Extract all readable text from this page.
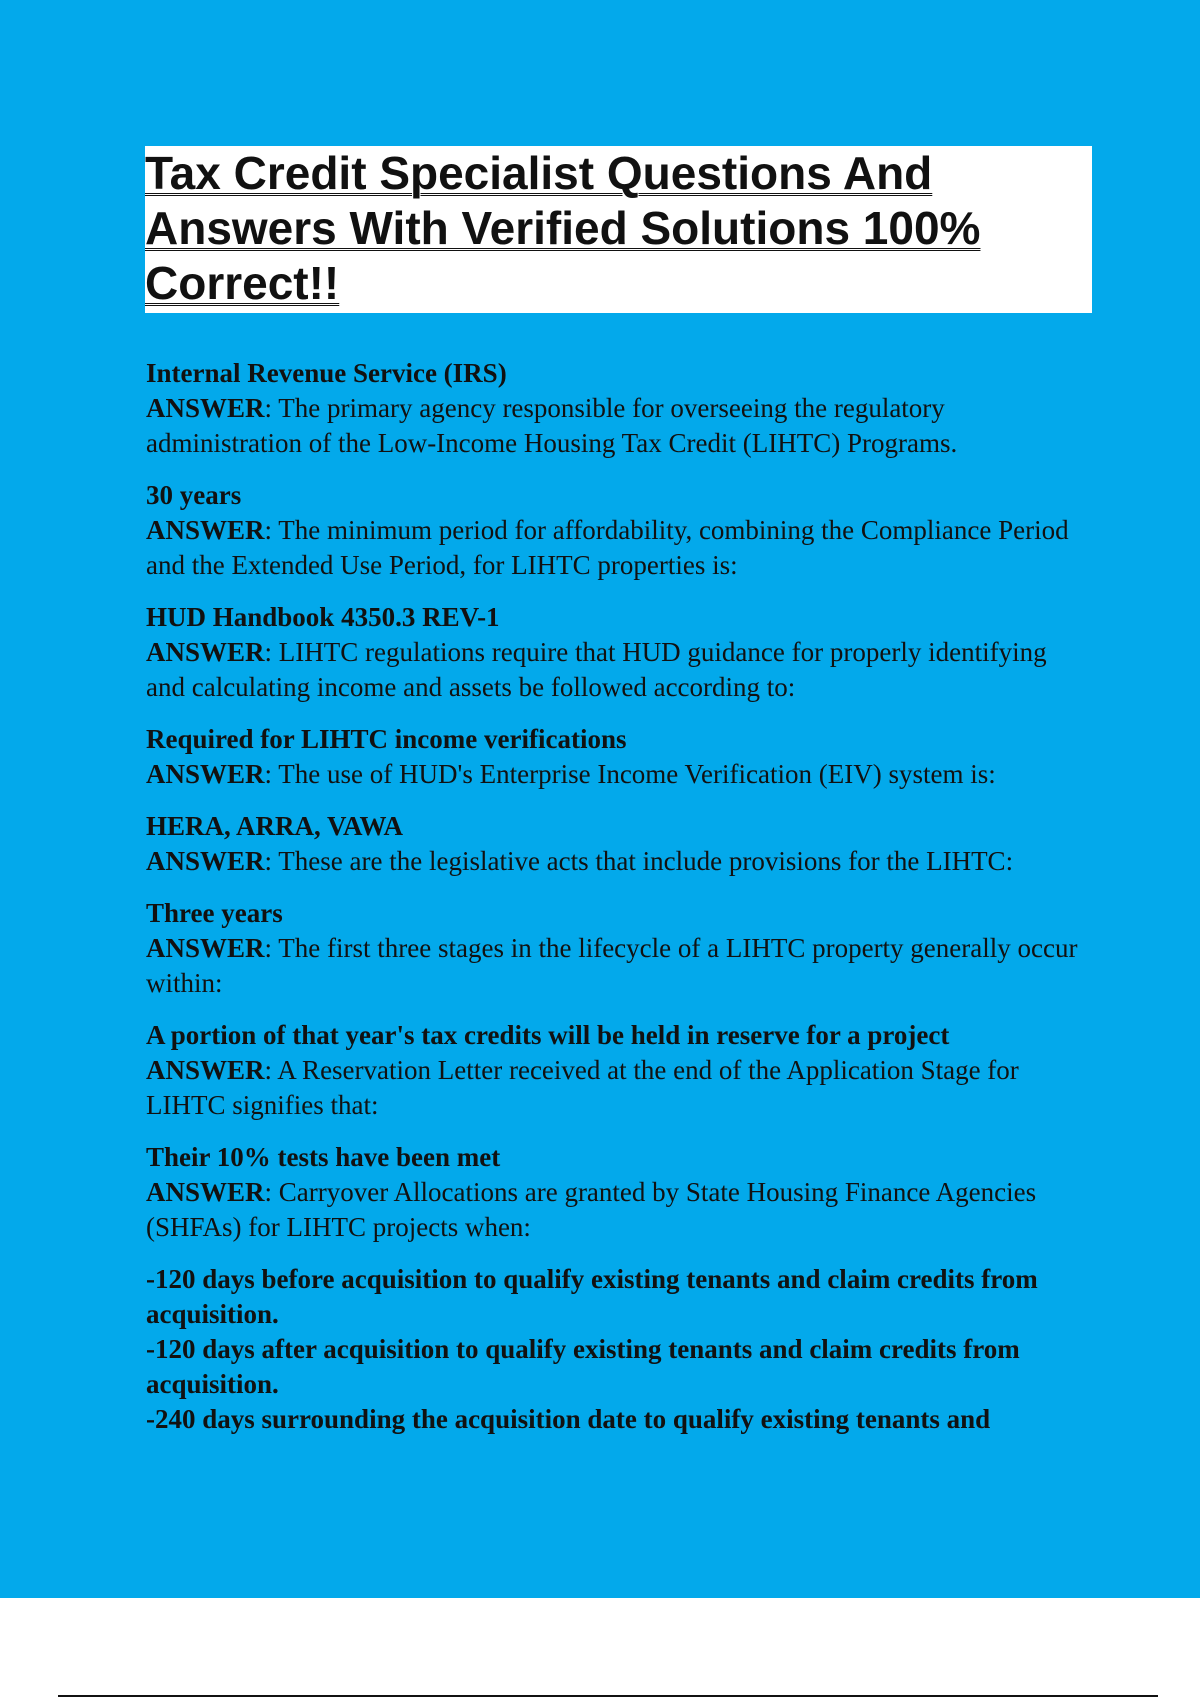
Tax Credit Specialist Questions And Answers With Verified Solutions 100% Correct!!
Internal Revenue Service (IRS)
ANSWER: The primary agency responsible for overseeing the regulatory administration of the Low-Income Housing Tax Credit (LIHTC) Programs.
30 years
ANSWER: The minimum period for affordability, combining the Compliance Period and the Extended Use Period, for LIHTC properties is:
HUD Handbook 4350.3 REV-1
ANSWER: LIHTC regulations require that HUD guidance for properly identifying and calculating income and assets be followed according to:
Required for LIHTC income verifications
ANSWER: The use of HUD's Enterprise Income Verification (EIV) system is:
HERA, ARRA, VAWA
ANSWER: These are the legislative acts that include provisions for the LIHTC:
Three years
ANSWER: The first three stages in the lifecycle of a LIHTC property generally occur within:
A portion of that year's tax credits will be held in reserve for a project
ANSWER: A Reservation Letter received at the end of the Application Stage for LIHTC signifies that:
Their 10% tests have been met
ANSWER: Carryover Allocations are granted by State Housing Finance Agencies (SHFAs) for LIHTC projects when:
-120 days before acquisition to qualify existing tenants and claim credits from acquisition.
-120 days after acquisition to qualify existing tenants and claim credits from acquisition.
-240 days surrounding the acquisition date to qualify existing tenants and
